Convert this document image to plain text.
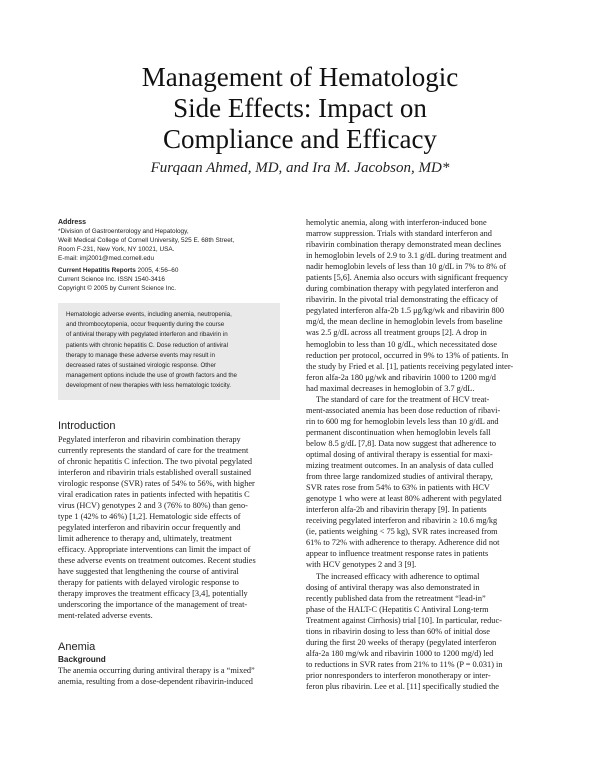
Management of Hematologic
Side Effects: Impact on
Compliance and Efficacy
Furqaan Ahmed, MD, and Ira M. Jacobson, MD*
Address
*Division of Gastroenterology and Hepatology,
Weill Medical College of Cornell University, 525 E. 68th Street,
Room F-231, New York, NY 10021, USA.
E-mail: imj2001@med.cornell.edu
Current Hepatitis Reports 2005, 4:56–60
Current Science Inc. ISSN 1540-3416
Copyright © 2005 by Current Science Inc.
Hematologic adverse events, including anemia, neutropenia,
and thrombocytopenia, occur frequently during the course
of antiviral therapy with pegylated interferon and ribavirin in
patients with chronic hepatitis C. Dose reduction of antiviral
therapy to manage these adverse events may result in
decreased rates of sustained virologic response. Other
management options include the use of growth factors and the
development of new therapies with less hematologic toxicity.
Introduction
Pegylated interferon and ribavirin combination therapy
currently represents the standard of care for the treatment
of chronic hepatitis C infection. The two pivotal pegylated
interferon and ribavirin trials established overall sustained
virologic response (SVR) rates of 54% to 56%, with higher
viral eradication rates in patients infected with hepatitis C
virus (HCV) genotypes 2 and 3 (76% to 80%) than geno-
type 1 (42% to 46%) [1,2]. Hematologic side effects of
pegylated interferon and ribavirin occur frequently and
limit adherence to therapy and, ultimately, treatment
efficacy. Appropriate interventions can limit the impact of
these adverse events on treatment outcomes. Recent studies
have suggested that lengthening the course of antiviral
therapy for patients with delayed virologic response to
therapy improves the treatment efficacy [3,4], potentially
underscoring the importance of the management of treat-
ment-related adverse events.
Anemia
Background
The anemia occurring during antiviral therapy is a “mixed”
anemia, resulting from a dose-dependent ribavirin-induced
hemolytic anemia, along with interferon-induced bone
marrow suppression. Trials with standard interferon and
ribavirin combination therapy demonstrated mean declines
in hemoglobin levels of 2.9 to 3.1 g/dL during treatment and
nadir hemoglobin levels of less than 10 g/dL in 7% to 8% of
patients [5,6]. Anemia also occurs with significant frequency
during combination therapy with pegylated interferon and
ribavirin. In the pivotal trial demonstrating the efficacy of
pegylated interferon alfa-2b 1.5 μg/kg/wk and ribavirin 800
mg/d, the mean decline in hemoglobin levels from baseline
was 2.5 g/dL across all treatment groups [2]. A drop in
hemoglobin to less than 10 g/dL, which necessitated dose
reduction per protocol, occurred in 9% to 13% of patients. In
the study by Fried et al. [1], patients receiving pegylated inter-
feron alfa-2a 180 μg/wk and ribavirin 1000 to 1200 mg/d
had maximal decreases in hemoglobin of 3.7 g/dL.
The standard of care for the treatment of HCV treat-
ment-associated anemia has been dose reduction of ribavi-
rin to 600 mg for hemoglobin levels less than 10 g/dL and
permanent discontinuation when hemoglobin levels fall
below 8.5 g/dL [7,8]. Data now suggest that adherence to
optimal dosing of antiviral therapy is essential for maxi-
mizing treatment outcomes. In an analysis of data culled
from three large randomized studies of antiviral therapy,
SVR rates rose from 54% to 63% in patients with HCV
genotype 1 who were at least 80% adherent with pegylated
interferon alfa-2b and ribavirin therapy [9]. In patients
receiving pegylated interferon and ribavirin ≥ 10.6 mg/kg
(ie, patients weighing < 75 kg), SVR rates increased from
61% to 72% with adherence to therapy. Adherence did not
appear to influence treatment response rates in patients
with HCV genotypes 2 and 3 [9].
The increased efficacy with adherence to optimal
dosing of antiviral therapy was also demonstrated in
recently published data from the retreatment “lead-in”
phase of the HALT-C (Hepatitis C Antiviral Long-term
Treatment against Cirrhosis) trial [10]. In particular, reduc-
tions in ribavirin dosing to less than 60% of initial dose
during the first 20 weeks of therapy (pegylated interferon
alfa-2a 180 mg/wk and ribavirin 1000 to 1200 mg/d) led
to reductions in SVR rates from 21% to 11% (P = 0.031) in
prior nonresponders to interferon monotherapy or inter-
feron plus ribavirin. Lee et al. [11] specifically studied the
